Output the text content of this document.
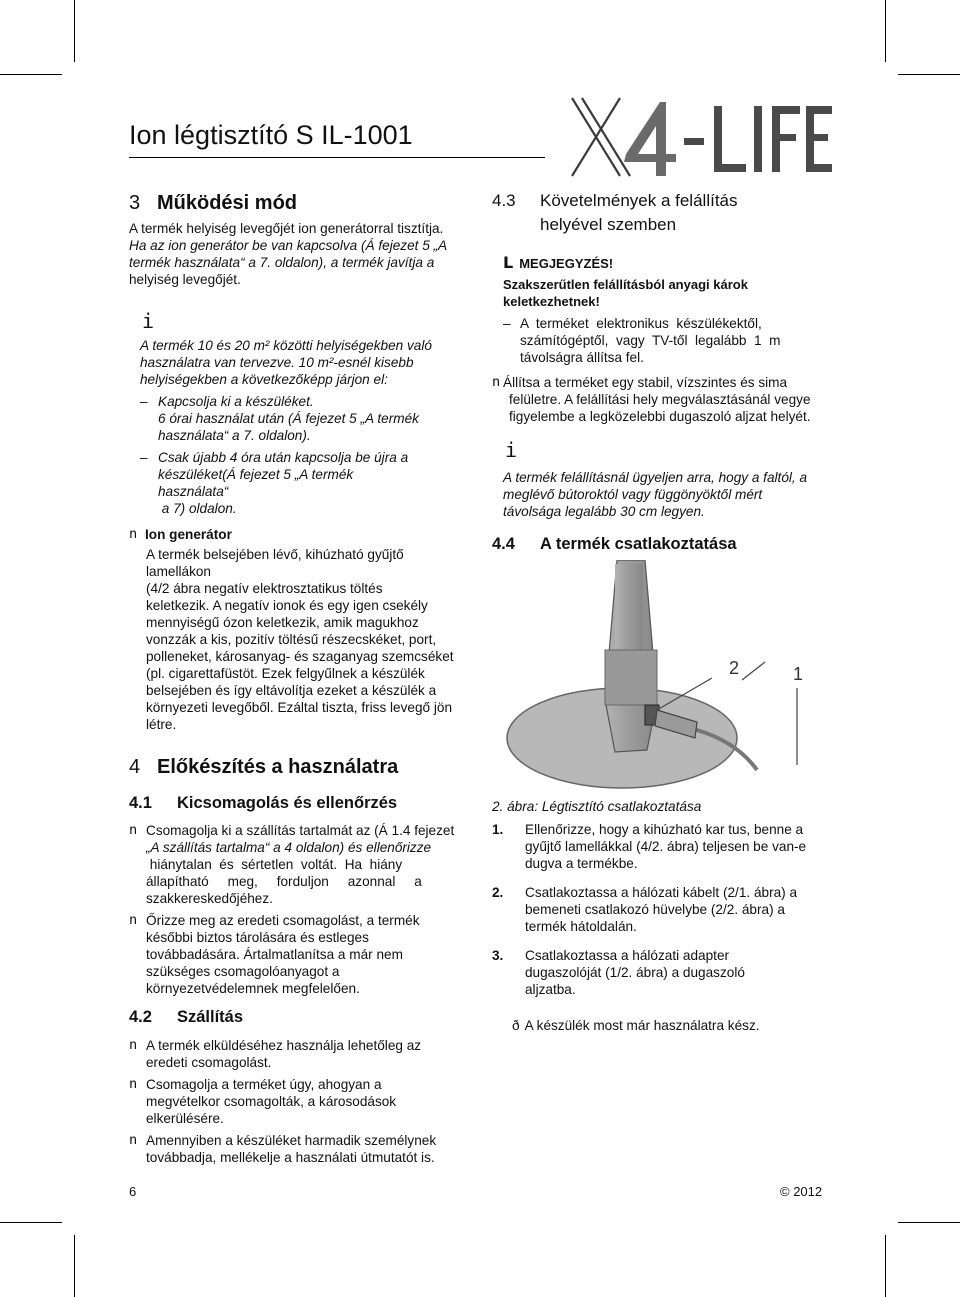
Ion légtisztító S IL-1001
3 Működési mód

A termék helyiség levegőjét ion generátorral tisztítja.

Ha az ion generátor be van kapcsolva (Á fejezet 5 „A

termék használata“ a 7. oldalon), a termék javítja a

helyiség levegőjét.

i

A termék 10 és 20 m² közötti helyiségekben való

használatra van tervezve. 10 m²-esnél kisebb

helyiségekben a következőképp járjon el:

– Kapcsolja ki a készüléket.

6 órai használat után (Á fejezet 5 „A termék

használata“ a 7. oldalon).

– Csak újabb 4 óra után kapcsolja be újra a

készüléket(Á fejezet 5 „A termék

használata“

a 7) oldalon.

n Ion generátor

A termék belsejében lévő, kihúzható gyűjtő

lamellákon

(4/2 ábra negatív elektrosztatikus töltés

keletkezik. A negatív ionok és egy igen csekély

mennyiségű ózon keletkezik, amik magukhoz

vonzzák a kis, pozitív töltésű részecskéket, port,

polleneket, károsanyag- és szaganyag szemcséket

(pl. cigarettafüstöt. Ezek felgyűlnek a készülék

belsejében és így eltávolítja ezeket a készülék a

környezeti levegőből. Ezáltal tiszta, friss levegő jön

létre.

4 Előkészítés a használatra
4.1 Kicsomagolás és ellenőrzés
n Csomagolja ki a szállítás tartalmát az (Á 1.4 fejezet

„A szállítás tartalma“ a 4 oldalon) és ellenőrizze

hiánytalan  és  sértetlen  voltát.  Ha  hiány

állapítható     meg,     forduljon     azonnal     a

szakkereskedőjéhez.

n Őrizze meg az eredeti csomagolást, a termék

későbbi biztos tárolására és estleges

továbbadására. Ártalmatlanítsa a már nem

szükséges csomagolóanyagot a

környezetvédelemnek megfelelően.

4.2 Szállítás
n A termék elküldéséhez használja lehetőleg az

eredeti csomagolást.

n Csomagolja a terméket úgy, ahogyan a

megvételkor csomagolták, a károsodások

elkerülésére.

n Amennyiben a készüléket harmadik személynek

továbbadja, mellékelje a használati útmutatót is.

4.3 Követelmények a felállítás

helyével szemben

L MEGJEGYZÉS!

Szakszerűtlen felállításból anyagi károk

keletkezhetnek!

– A  terméket  elektronikus  készülékektől,

számítógéptől,  vagy  TV-től  legalább  1  m

távolságra állítsa fel.

n Állítsa a terméket egy stabil, vízszintes és sima

felületre. A felállítási hely megválasztásánál vegye

figyelembe a legközelebbi dugaszoló aljzat helyét.

i

A termék felállításnál ügyeljen arra, hogy a faltól, a

meglévő bútoroktól vagy függönyöktől mért

távolsága legalább 30 cm legyen.

4.4 A termék csatlakoztatása
2	1
2. ábra: Légtisztító csatlakoztatása
1. Ellenőrizze, hogy a kihúzható kar tus, benne a

gyűjtő lamellákkal (4/2. ábra) teljesen be van-e

dugva a termékbe.

2. Csatlakoztassa a hálózati kábelt (2/1. ábra) a

bemeneti csatlakozó hüvelybe (2/2. ábra) a

termék hátoldalán.

3. Csatlakoztassa a hálózati adapter

dugaszolóját (1/2. ábra) a dugaszoló

aljzatba.

ð A készülék most már használatra kész.
6	© 2012
